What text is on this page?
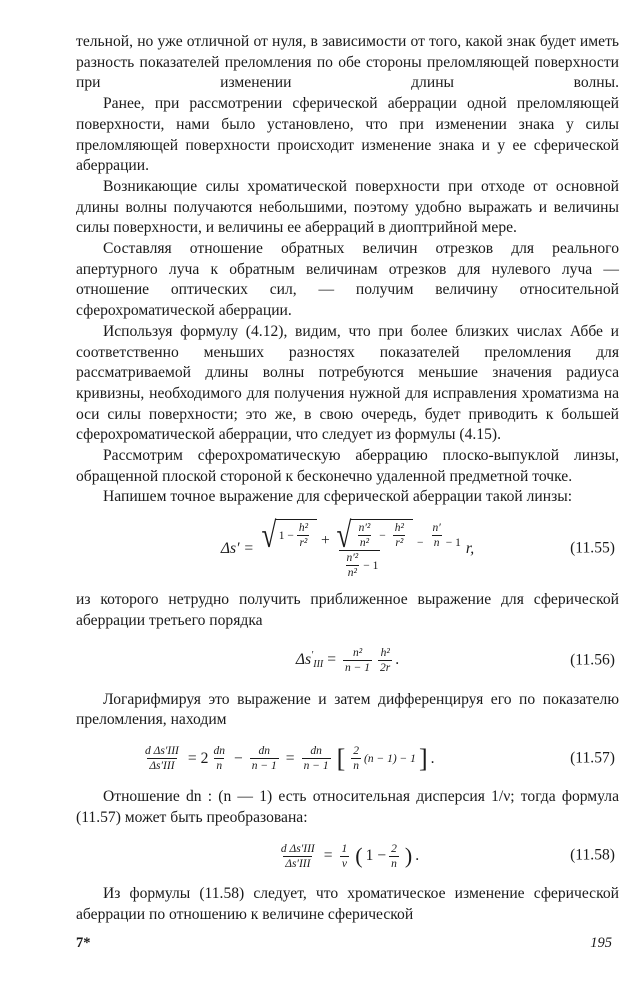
тельной, но уже отличной от нуля, в зависимости от того, какой знак будет иметь разность показателей преломления по обе стороны преломляющей поверхности при изменении длины волны.

Ранее, при рассмотрении сферической аберрации одной преломляющей поверхности, нами было установлено, что при изменении знака у силы преломляющей поверхности происходит изменение знака и у ее сферической аберрации.

Возникающие силы хроматической поверхности при отходе от основной длины волны получаются небольшими, поэтому удобно выражать и величины силы поверхности, и величины ее аберраций в диоптрийной мере.

Составляя отношение обратных величин отрезков для реального апертурного луча к обратным величинам отрезков для нулевого луча — отношение оптических сил, — получим величину относительной сферохроматической аберрации.

Используя формулу (4.12), видим, что при более близких числах Аббе и соответственно меньших разностях показателей преломления для рассматриваемой длины волны потребуются меньшие значения радиуса кривизны, необходимого для получения нужной для исправления хроматизма на оси силы поверхности; это же, в свою очередь, будет приводить к большей сферохроматической аберрации, что следует из формулы (4.15).

Рассмотрим сферохроматическую аберрацию плоско-выпуклой линзы, обращенной плоской стороной к бесконечно удаленной предметной точке.

Напишем точное выражение для сферической аберрации такой линзы:

Δs′ = √ $1 - \frac{\text{h²}}{\text{r²}}$ + √ $\frac{\text{n′²}}{\text{n²}} - \frac{\text{h²}}{\text{r²}} - \frac{n'}{n} - 1$
$\frac{\text{n′²}}{\text{n²}} - 1$
r,	(11.55)

из которого нетрудно получить приближенное выражение для сферической аберрации третьего порядка

$\Delta s'_{III} = \frac{\text{n²}}{n - 1} \frac{\text{h²}}{2r}$ .	(11.56)

Логарифмируя это выражение и затем дифференцируя его по показателю преломления, находим

$\frac{\text{d Δs′III}}{\text{Δs′III}} = 2 \frac{dn}{n} - \frac{dn}{n - 1} = \frac{dn}{n - 1}$ [ $\frac{2}{n} (n - 1) - 1$ ] .	(11.57)

Отношение dn : (n — 1) есть относительная дисперсия 1/ν; тогда формула (11.57) может быть преобразована:

$\frac{\text{d Δs′III}}{\text{Δs′III}} = \frac{1}{\nu}$ ( $1 - \frac{2}{n}$ ) .	(11.58)

Из формулы (11.58) следует, что хроматическое изменение сферической аберрации по отношению к величине сферической

7*	195
